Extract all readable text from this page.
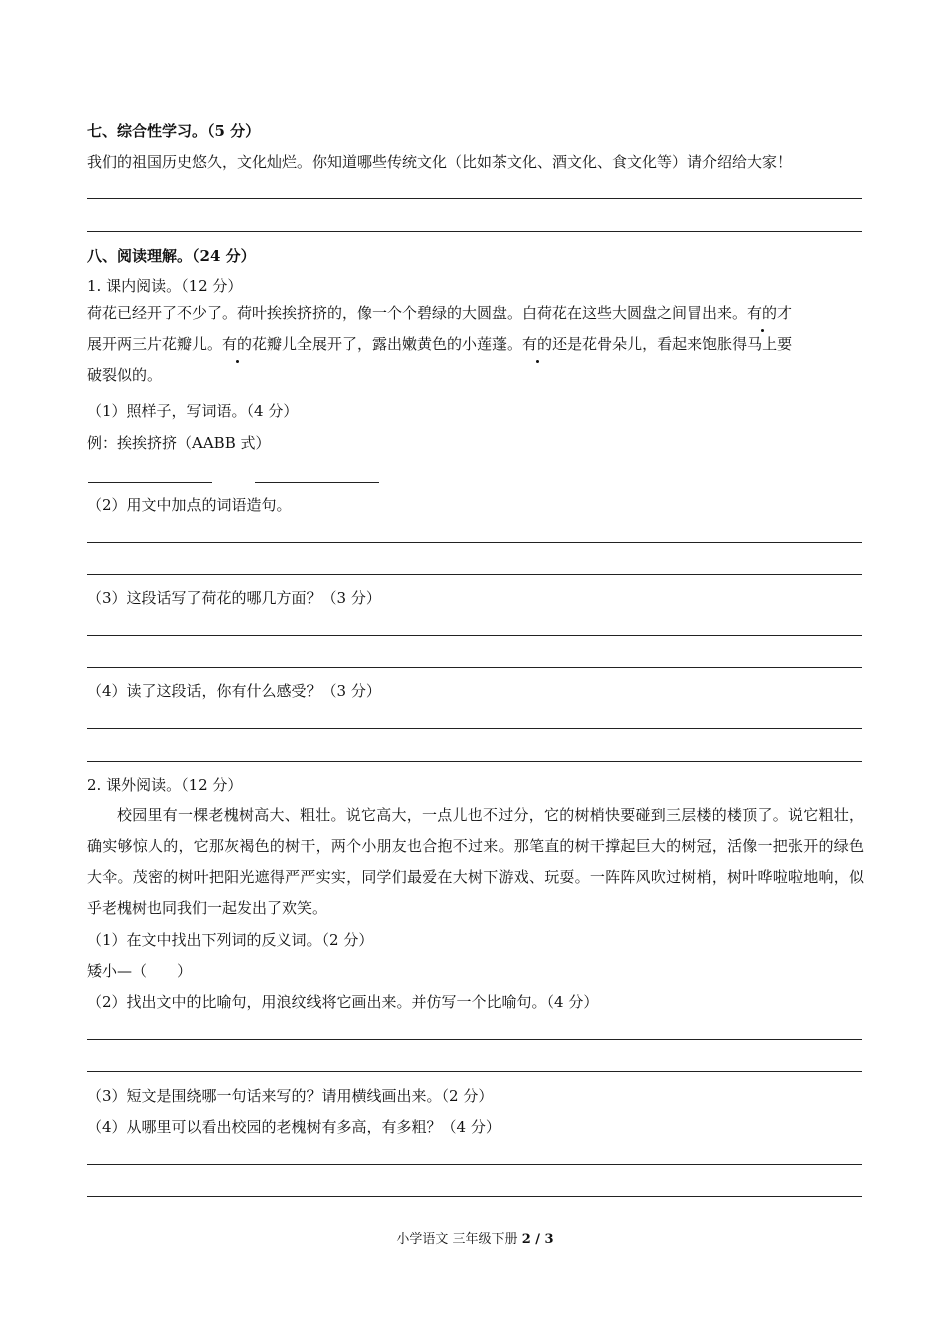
七、综合性学习。（5 分）
我们的祖国历史悠久，文化灿烂。你知道哪些传统文化（比如茶文化、酒文化、食文化等）请介绍给大家！
八、阅读理解。（24 分）
1. 课内阅读。（12 分）
荷花已经开了不少了。荷叶挨挨挤挤的，像一个个碧绿的大圆盘。白荷花在这些大圆盘之间冒出来。有的才
展开两三片花瓣儿。有的花瓣儿全展开了，露出嫩黄色的小莲蓬。有的还是花骨朵儿，看起来饱胀得马上要
破裂似的。
（1）照样子，写词语。（4 分）
例：挨挨挤挤（AABB 式）
（2）用文中加点的词语造句。
（3）这段话写了荷花的哪几方面？（3 分）
（4）读了这段话，你有什么感受？（3 分）
2. 课外阅读。（12 分）
校园里有一棵老槐树高大、粗壮。说它高大，一点儿也不过分，它的树梢快要碰到三层楼的楼顶了。说它粗壮，确实够惊人的，它那灰褐色的树干，两个小朋友也合抱不过来。那笔直的树干撑起巨大的树冠，活像一把张开的绿色大伞。茂密的树叶把阳光遮得严严实实，同学们最爱在大树下游戏、玩耍。一阵阵风吹过树梢，树叶哗啦啦地响，似乎老槐树也同我们一起发出了欢笑。
（1）在文中找出下列词的反义词。（2 分）
矮小—（　　）
（2）找出文中的比喻句，用浪纹线将它画出来。并仿写一个比喻句。（4 分）
（3）短文是围绕哪一句话来写的？请用横线画出来。（2 分）
（4）从哪里可以看出校园的老槐树有多高，有多粗？（4 分）
小学语文 三年级下册 2 / 3
